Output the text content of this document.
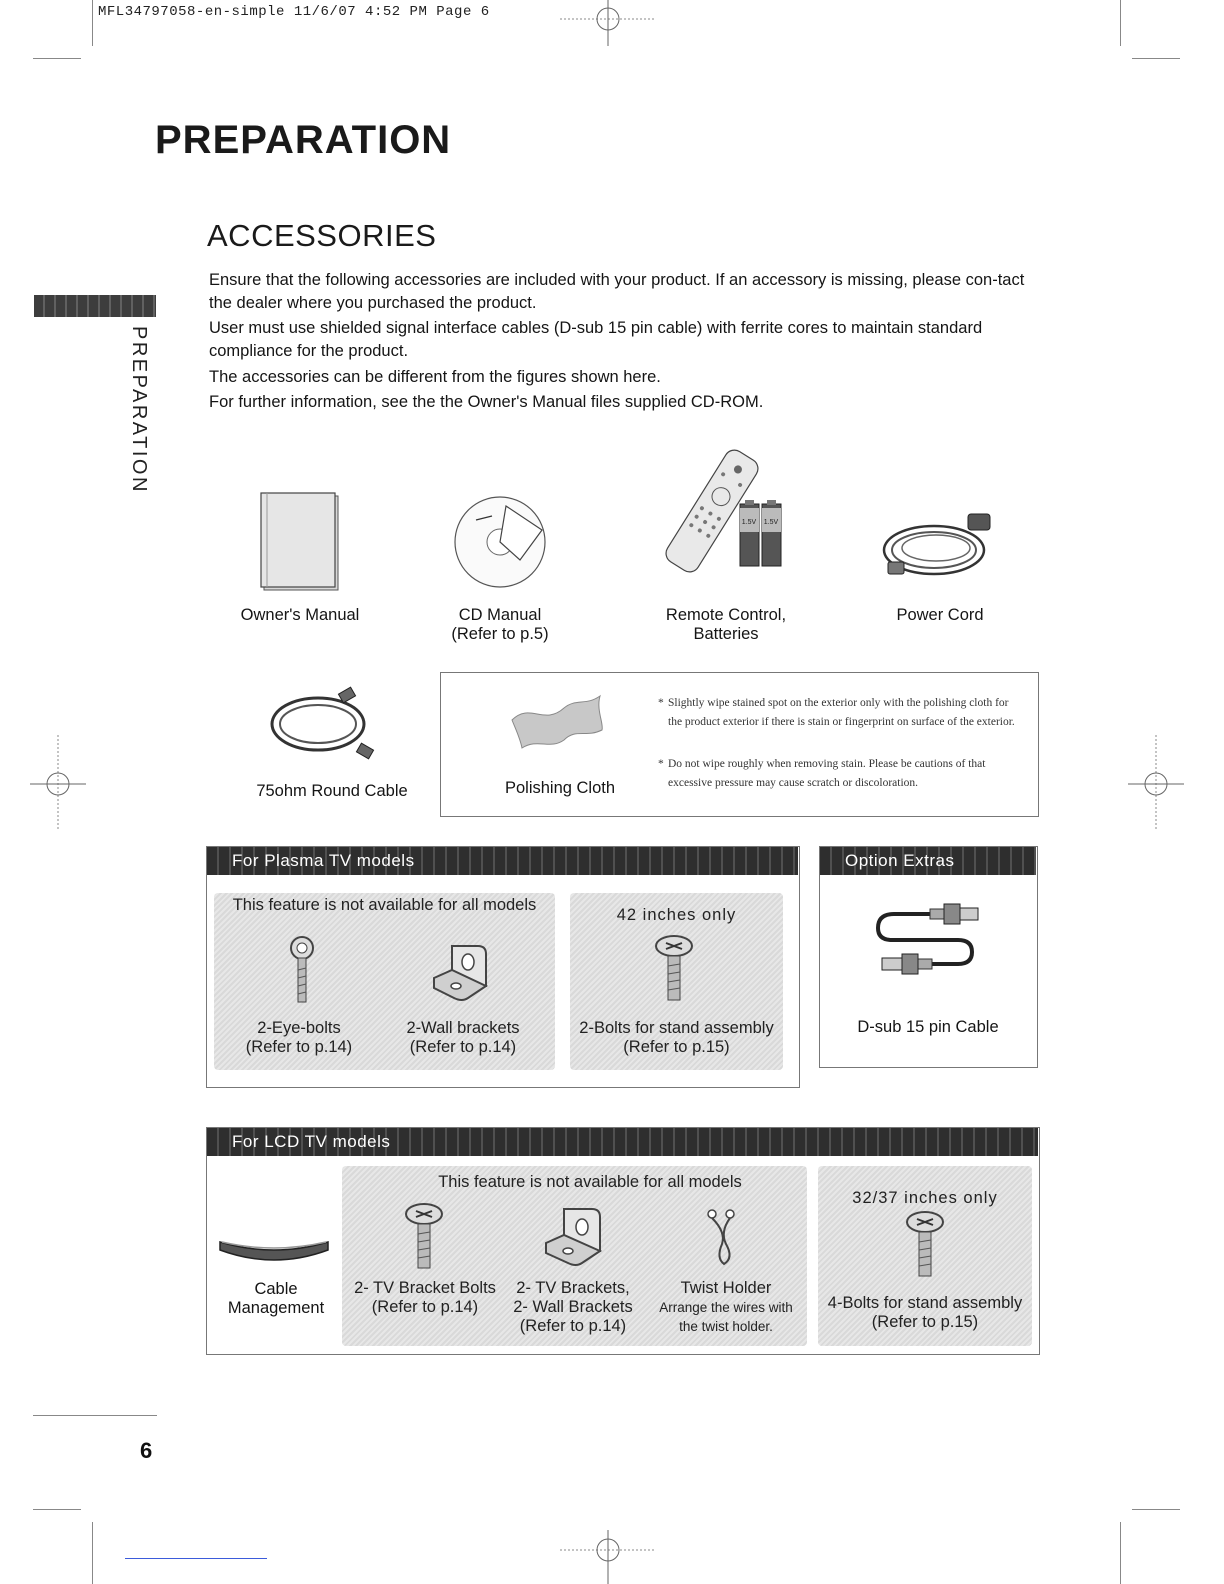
MFL34797058-en-simple 11/6/07 4:52 PM Page 6
PREPARATION
ACCESSORIES
PREPARATION

Ensure that the following accessories are included with your product. If an accessory is missing, please con-tact the dealer where you purchased the product.

User must use shielded signal interface cables (D-sub 15 pin cable) with ferrite cores to maintain standard compliance for the product.

The accessories can be different from the figures shown here.

For further information, see the the Owner's Manual files supplied CD-ROM.

Owner's Manual	CD Manual
(Refer to p.5)
1.5V 1.5V
Remote Control,
Batteries
Power Cord
75ohm Round Cable	Polishing Cloth
* Slightly wipe stained spot on the exterior only with the polishing cloth for the product exterior if there is stain or fingerprint on surface of the exterior.
* Do not wipe roughly when removing stain. Please be cautions of that excessive pressure may cause scratch or discoloration.
For Plasma TV models
This feature is not available for all models
2-Eye-bolts
(Refer to p.14)
2-Wall brackets
(Refer to p.14)
42 inches only
2-Bolts for stand assembly
(Refer to p.15)
Option Extras
D-sub 15 pin Cable
For LCD TV models
Cable
Management
This feature is not available for all models
2- TV Bracket Bolts
(Refer to p.14)
2- TV Brackets,
2- Wall Brackets
(Refer to p.14)
Twist Holder
Arrange the wires with
the twist holder.
32/37 inches only
4-Bolts for stand assembly
(Refer to p.15)
6
